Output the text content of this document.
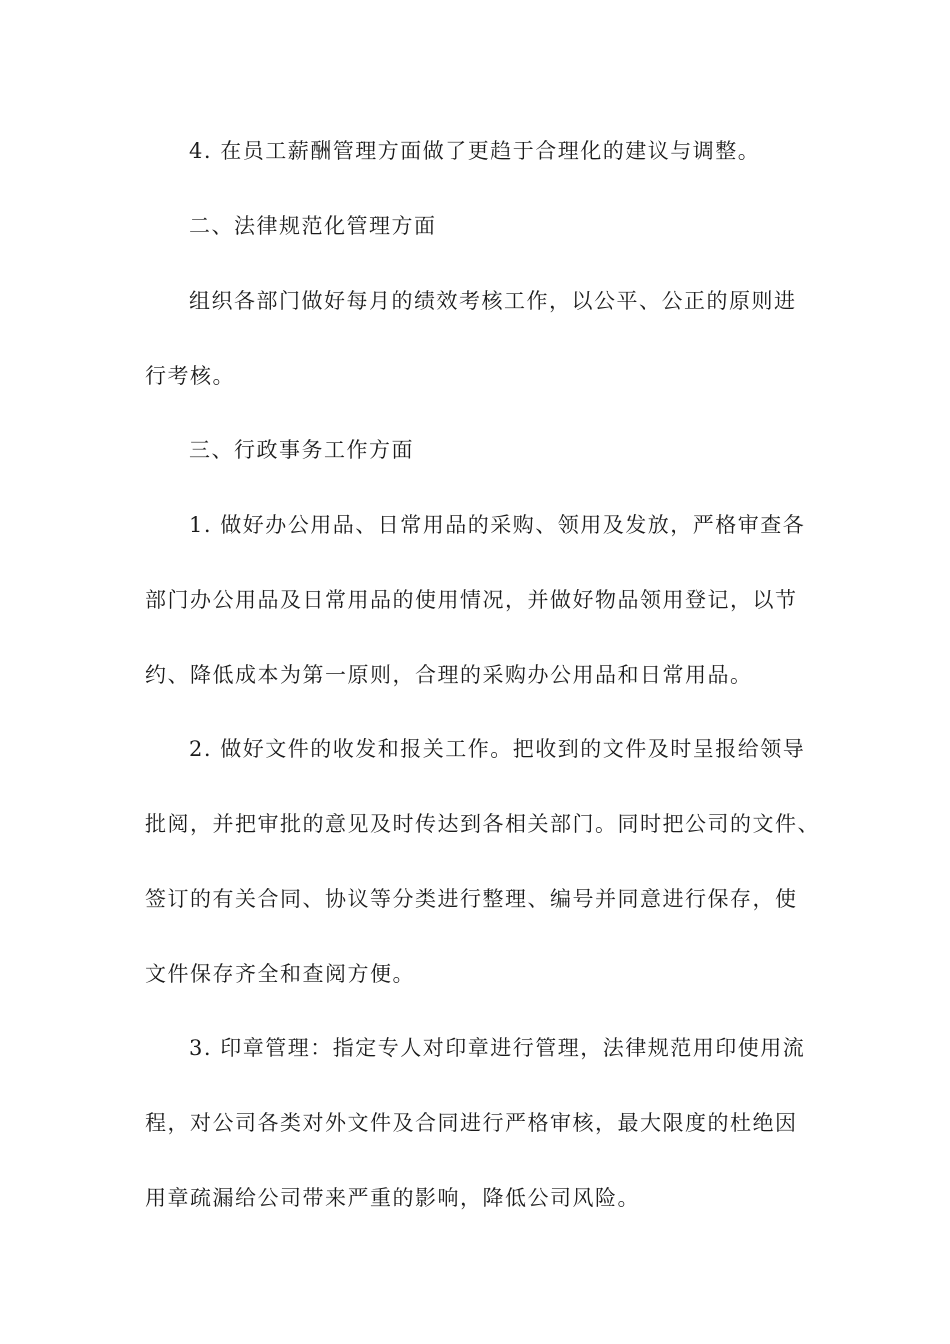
4. 在员工薪酬管理方面做了更趋于合理化的建议与调整。

二、法律规范化管理方面

组织各部门做好每月的绩效考核工作，以公平、公正的原则进
行考核。

三、行政事务工作方面

1. 做好办公用品、日常用品的采购、领用及发放，严格审查各
部门办公用品及日常用品的使用情况，并做好物品领用登记，以节
约、降低成本为第一原则，合理的采购办公用品和日常用品。

2. 做好文件的收发和报关工作。把收到的文件及时呈报给领导
批阅，并把审批的意见及时传达到各相关部门。同时把公司的文件、
签订的有关合同、协议等分类进行整理、编号并同意进行保存，使
文件保存齐全和查阅方便。

3. 印章管理：指定专人对印章进行管理，法律规范用印使用流
程，对公司各类对外文件及合同进行严格审核，最大限度的杜绝因
用章疏漏给公司带来严重的影响，降低公司风险。
